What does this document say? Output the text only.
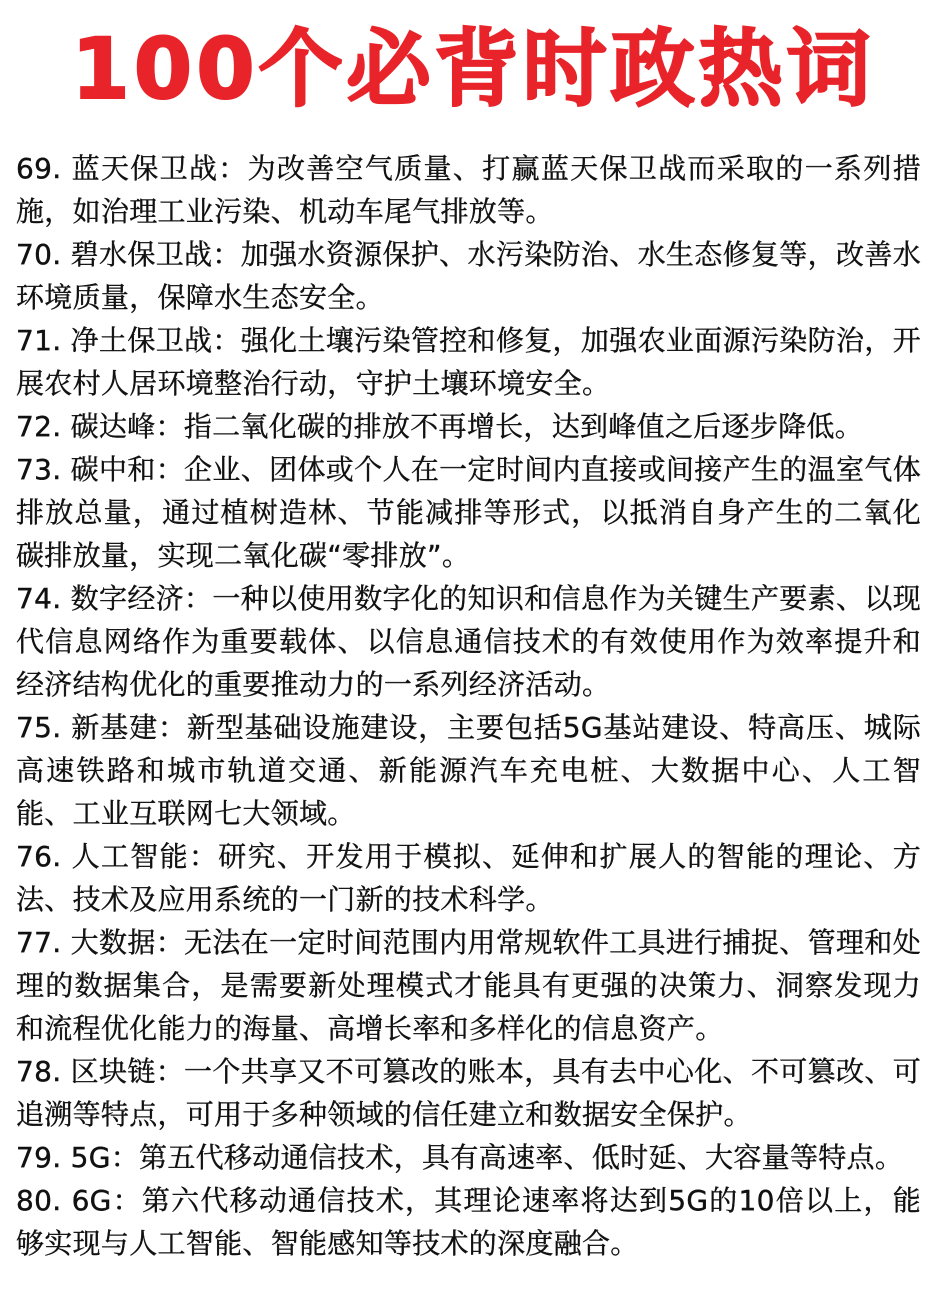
100个必背时政热词
69. 蓝天保卫战：为改善空气质量、打赢蓝天保卫战而采取的一系列措施，如治理工业污染、机动车尾气排放等。
70. 碧水保卫战：加强水资源保护、水污染防治、水生态修复等，改善水环境质量，保障水生态安全。
71. 净土保卫战：强化土壤污染管控和修复，加强农业面源污染防治，开展农村人居环境整治行动，守护土壤环境安全。
72. 碳达峰：指二氧化碳的排放不再增长，达到峰值之后逐步降低。
73. 碳中和：企业、团体或个人在一定时间内直接或间接产生的温室气体排放总量，通过植树造林、节能减排等形式，以抵消自身产生的二氧化碳排放量，实现二氧化碳“零排放”。
74. 数字经济：一种以使用数字化的知识和信息作为关键生产要素、以现代信息网络作为重要载体、以信息通信技术的有效使用作为效率提升和经济结构优化的重要推动力的一系列经济活动。
75. 新基建：新型基础设施建设，主要包括5G基站建设、特高压、城际高速铁路和城市轨道交通、新能源汽车充电桩、大数据中心、人工智能、工业互联网七大领域。
76. 人工智能：研究、开发用于模拟、延伸和扩展人的智能的理论、方法、技术及应用系统的一门新的技术科学。
77. 大数据：无法在一定时间范围内用常规软件工具进行捕捉、管理和处理的数据集合，是需要新处理模式才能具有更强的决策力、洞察发现力和流程优化能力的海量、高增长率和多样化的信息资产。
78. 区块链：一个共享又不可篡改的账本，具有去中心化、不可篡改、可追溯等特点，可用于多种领域的信任建立和数据安全保护。
79. 5G：第五代移动通信技术，具有高速率、低时延、大容量等特点。
80. 6G：第六代移动通信技术，其理论速率将达到5G的10倍以上，能够实现与人工智能、智能感知等技术的深度融合。
